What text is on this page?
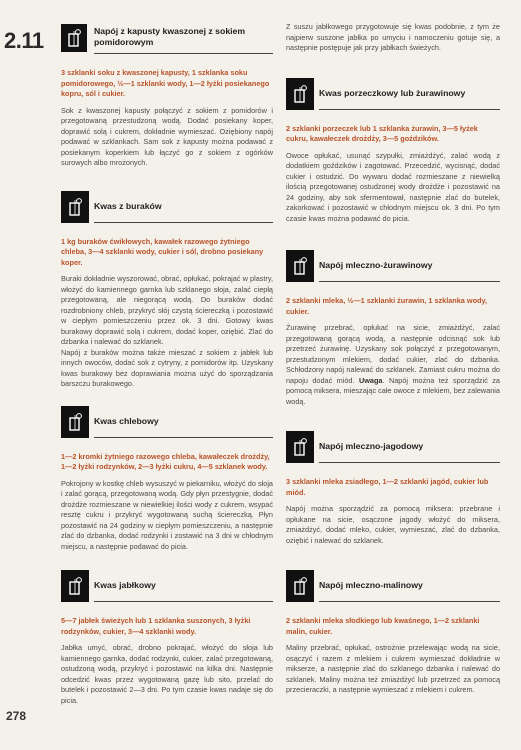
2.11
278
Napój z kapusty kwaszonej z sokiem pomidorowym
3 szklanki soku z kwaszonej kapusty, 1 szklanka soku pomidorowego, ½—1 szklanki wody, 1—2 łyżki posiekanego kopru, sól i cukier.
Sok z kwaszonej kapusty połączyć z sokiem z pomidorów i przegotowaną przestudzoną wodą. Dodać posiekany koper, doprawić solą i cukrem, dokładnie wymieszać. Oziębiony napój podawać w szklankach. Sam sok z kapusty można podawać z posiekanym koperkiem lub łączyć go z sokiem z ogórków surowych albo mrożonych.
Kwas z buraków
1 kg buraków ćwikłowych, kawałek razowego żytniego chleba, 3—4 szklanki wody, cukier i sól, drobno posiekany koper.
Buraki dokładnie wyszorować, obrać, opłukać, pokrajać w plastry, włożyć do kamiennego garnka lub szklanego słoja, zalać ciepłą przegotowaną, ale niegorącą wodą. Do buraków dodać rozdrobniony chleb, przykryć słój czystą ściereczką i pozostawić w ciepłym pomieszczeniu przez ok. 3 dni. Gotowy kwas burakowy doprawić solą i cukrem, dodać koper, oziębić. Zlać do dzbanka i nalewać do szklanek.
Napój z buraków można także mieszać z sokiem z jabłek lub innych owoców, dodać sok z cytryny, z pomidorów itp. Uzyskany kwas burakowy bez doprawiania można użyć do sporządzania barszczu burakowego.
Kwas chlebowy
1—2 kromki żytniego razowego chleba, kawałeczek drożdży, 1—2 łyżki rodzynków, 2—3 łyżki cukru, 4—5 szklanek wody.
Pokrojony w kostkę chleb wysuszyć w piekarniku, włożyć do słoja i zalać gorącą, przegotowaną wodą. Gdy płyn przestygnie, dodać drożdże rozmieszane w niewielkiej ilości wody z cukrem, wsypać resztę cukru i przykryć wygotowaną suchą ściereczką. Płyn pozostawić na 24 godziny w ciepłym pomieszczeniu, a następnie zlać do dzbanka, dodać rodzynki i zostawić na 3 dni w chłodnym miejscu, a następnie podawać do picia.
Kwas jabłkowy
5—7 jabłek świeżych lub 1 szklanka suszonych, 3 łyżki rodzynków, cukier, 3—4 szklanki wody.
Jabłka umyć, obrać, drobno pokrajać, włożyć do słoja lub kamiennego garnka, dodać rodzynki, cukier, zalać przegotowaną, ostudzoną wodą, przykryć i pozostawić na kilka dni. Następnie odcedzić kwas przez wygotowaną gazę lub sito, przelać do butelek i pozostawić 2—3 dni. Po tym czasie kwas nadaje się do picia.
Z suszu jabłkowego przygotowuje się kwas podobnie, z tym że najpierw suszone jabłka po umyciu i namoczeniu gotuje się, a następnie postępuje jak przy jabłkach świeżych.
Kwas porzeczkowy lub żurawinowy
2 szklanki porzeczek lub 1 szklanka żurawin, 3—5 łyżek cukru, kawałeczek drożdży, 3—5 goździków.
Owoce opłukać, usunąć szypułki, zmiażdżyć, zalać wodą z dodatkiem goździków i zagotować. Przecedzić, wycisnąć, dodać cukier i ostudzić. Do wywaru dodać rozmieszane z niewielką ilością przegotowanej ostudzonej wody drożdże i pozostawić na 24 godziny, aby sok sfermentował, następnie zlać do butelek, zakorkować i pozostawić w chłodnym miejscu ok. 3 dni. Po tym czasie kwas można podawać do picia.
Napój mleczno-żurawinowy
2 szklanki mleka, ½—1 szklanki żurawin, 1 szklanka wody, cukier.
Żurawinę przebrać, opłukać na sicie, zmiażdżyć, zalać przegotowaną gorącą wodą, a następnie odcisnąć sok lub przetrzeć żurawinę. Uzyskany sok połączyć z przegotowanym, przestudzonym mlekiem, dodać cukier, zlać do dzbanka. Schłodzony napój nalewać do szklanek. Zamiast cukru można do napoju dodać miód. Uwaga. Napój można też sporządzić za pomocą miksera, mieszając całe owoce z mlekiem, bez zalewania wodą.
Napój mleczno-jagodowy
3 szklanki mleka zsiadłego, 1—2 szklanki jagód, cukier lub miód.
Napój można sporządzić za pomocą miksera: przebrane i opłukane na sicie, osączone jagody włożyć do miksera, zmiażdżyć, dodać mleko, cukier, wymieszać, zlać do dzbanka, oziębić i nalewać do szklanek.
Napój mleczno-malinowy
2 szklanki mleka słodkiego lub kwaśnego, 1—2 szklanki malin, cukier.
Maliny przebrać, opłukać, ostrożnie przelewając wodą na sicie, osączyć i razem z mlekiem i cukrem wymieszać dokładnie w mikserze, a następnie zlać do szklanego dzbanka i nalewać do szklanek. Maliny można też zmiażdżyć lub przetrzeć za pomocą przecieraczki, a następnie wymieszać z mlekiem i cukrem.
